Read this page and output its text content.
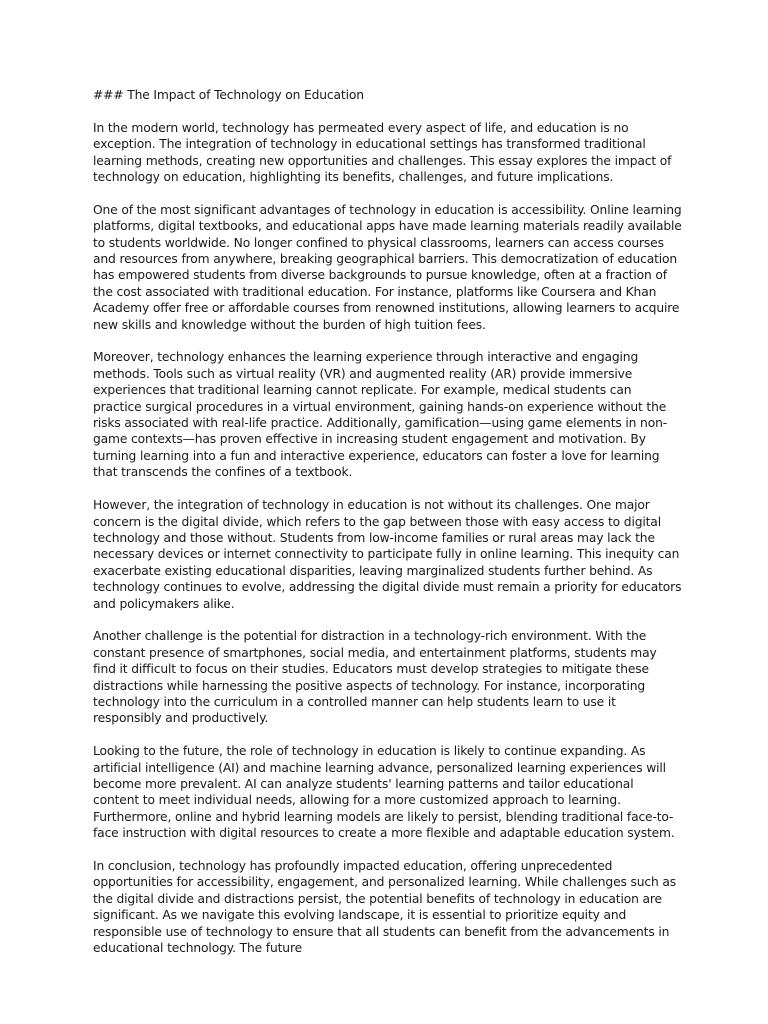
### The Impact of Technology on Education

In the modern world, technology has permeated every aspect of life, and education is no exception. The integration of technology in educational settings has transformed traditional learning methods, creating new opportunities and challenges. This essay explores the impact of technology on education, highlighting its benefits, challenges, and future implications.

One of the most significant advantages of technology in education is accessibility. Online learning platforms, digital textbooks, and educational apps have made learning materials readily available to students worldwide. No longer confined to physical classrooms, learners can access courses and resources from anywhere, breaking geographical barriers. This democratization of education has empowered students from diverse backgrounds to pursue knowledge, often at a fraction of the cost associated with traditional education. For instance, platforms like Coursera and Khan Academy offer free or affordable courses from renowned institutions, allowing learners to acquire new skills and knowledge without the burden of high tuition fees.

Moreover, technology enhances the learning experience through interactive and engaging methods. Tools such as virtual reality (VR) and augmented reality (AR) provide immersive experiences that traditional learning cannot replicate. For example, medical students can practice surgical procedures in a virtual environment, gaining hands-on experience without the risks associated with real-life practice. Additionally, gamification—using game elements in non-game contexts—has proven effective in increasing student engagement and motivation. By turning learning into a fun and interactive experience, educators can foster a love for learning that transcends the confines of a textbook.

However, the integration of technology in education is not without its challenges. One major concern is the digital divide, which refers to the gap between those with easy access to digital technology and those without. Students from low-income families or rural areas may lack the necessary devices or internet connectivity to participate fully in online learning. This inequity can exacerbate existing educational disparities, leaving marginalized students further behind. As technology continues to evolve, addressing the digital divide must remain a priority for educators and policymakers alike.

Another challenge is the potential for distraction in a technology-rich environment. With the constant presence of smartphones, social media, and entertainment platforms, students may find it difficult to focus on their studies. Educators must develop strategies to mitigate these distractions while harnessing the positive aspects of technology. For instance, incorporating technology into the curriculum in a controlled manner can help students learn to use it responsibly and productively.

Looking to the future, the role of technology in education is likely to continue expanding. As artificial intelligence (AI) and machine learning advance, personalized learning experiences will become more prevalent. AI can analyze students' learning patterns and tailor educational content to meet individual needs, allowing for a more customized approach to learning. Furthermore, online and hybrid learning models are likely to persist, blending traditional face-to-face instruction with digital resources to create a more flexible and adaptable education system.

In conclusion, technology has profoundly impacted education, offering unprecedented opportunities for accessibility, engagement, and personalized learning. While challenges such as the digital divide and distractions persist, the potential benefits of technology in education are significant. As we navigate this evolving landscape, it is essential to prioritize equity and responsible use of technology to ensure that all students can benefit from the advancements in educational technology. The future
